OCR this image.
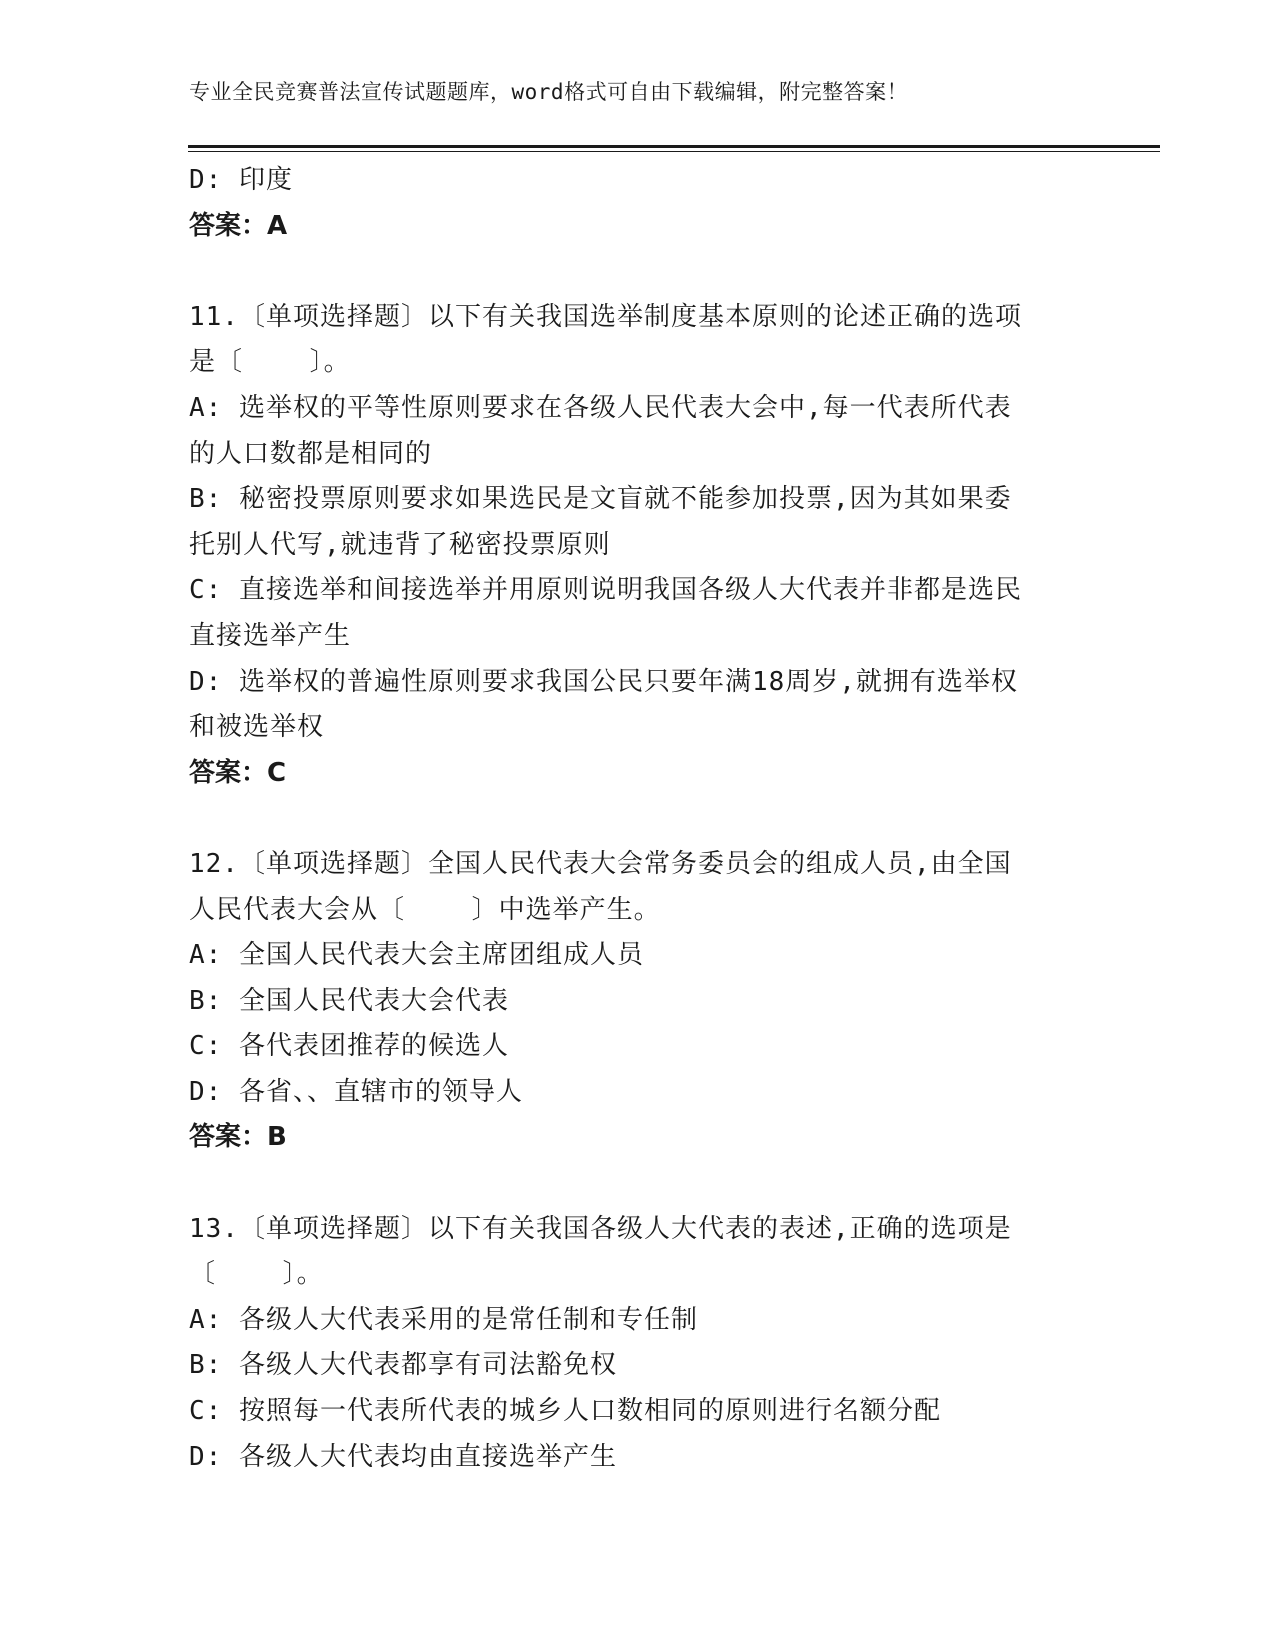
专业全民竞赛普法宣传试题题库，word格式可自由下载编辑，附完整答案！
D: 印度
答案：A
11.〔单项选择题〕以下有关我国选举制度基本原则的论述正确的选项
是〔    〕。
A: 选举权的平等性原则要求在各级人民代表大会中,每一代表所代表
的人口数都是相同的
B: 秘密投票原则要求如果选民是文盲就不能参加投票,因为其如果委
托别人代写,就违背了秘密投票原则
C: 直接选举和间接选举并用原则说明我国各级人大代表并非都是选民
直接选举产生
D: 选举权的普遍性原则要求我国公民只要年满18周岁,就拥有选举权
和被选举权
答案：C
12.〔单项选择题〕全国人民代表大会常务委员会的组成人员,由全国
人民代表大会从〔    〕中选举产生。
A: 全国人民代表大会主席团组成人员
B: 全国人民代表大会代表
C: 各代表团推荐的候选人
D: 各省、、直辖市的领导人
答案：B
13.〔单项选择题〕以下有关我国各级人大代表的表述,正确的选项是
〔    〕。
A: 各级人大代表采用的是常任制和专任制
B: 各级人大代表都享有司法豁免权
C: 按照每一代表所代表的城乡人口数相同的原则进行名额分配
D: 各级人大代表均由直接选举产生
